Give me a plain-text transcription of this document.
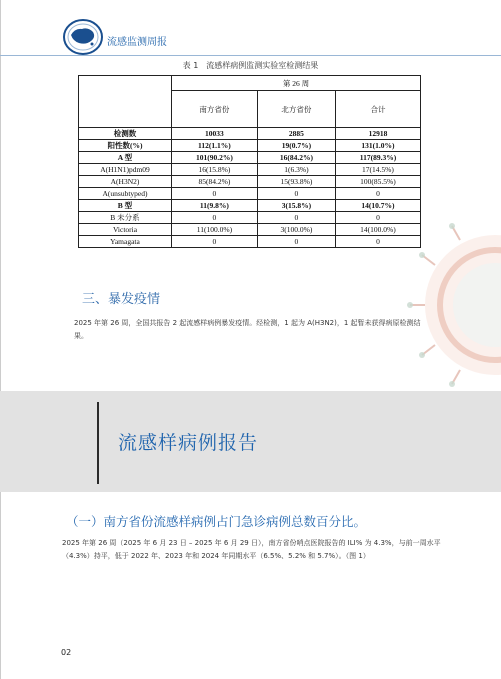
流感监测周报
表 1　流感样病例监测实验室检测结果
	第 26 周		
	南方省份	北方省份	合计
检测数	10033	2885	12918
阳性数(%)	112(1.1%)	19(0.7%)	131(1.0%)
A 型	101(90.2%)	16(84.2%)	117(89.3%)
A(H1N1)pdm09	16(15.8%)	1(6.3%)	17(14.5%)
A(H3N2)	85(84.2%)	15(93.8%)	100(85.5%)
A(unsubtyped)	0	0	0
B 型	11(9.8%)	3(15.8%)	14(10.7%)
B 未分系	0	0	0
Victoria	11(100.0%)	3(100.0%)	14(100.0%)
Yamagata	0	0	0
三、暴发疫情
2025 年第 26 周，全国共报告 2 起流感样病例暴发疫情。经检测，1 起为 A(H3N2)，1 起暂未获得病原检测结果。
流感样病例报告
（一）南方省份流感样病例占门急诊病例总数百分比。
2025 年第 26 周（2025 年 6 月 23 日 – 2025 年 6 月 29 日），南方省份哨点医院报告的 ILI% 为 4.3%，与前一周水平（4.3%）持平，低于 2022 年、2023 年和 2024 年同期水平（6.5%、5.2% 和 5.7%）。（图 1）
02
